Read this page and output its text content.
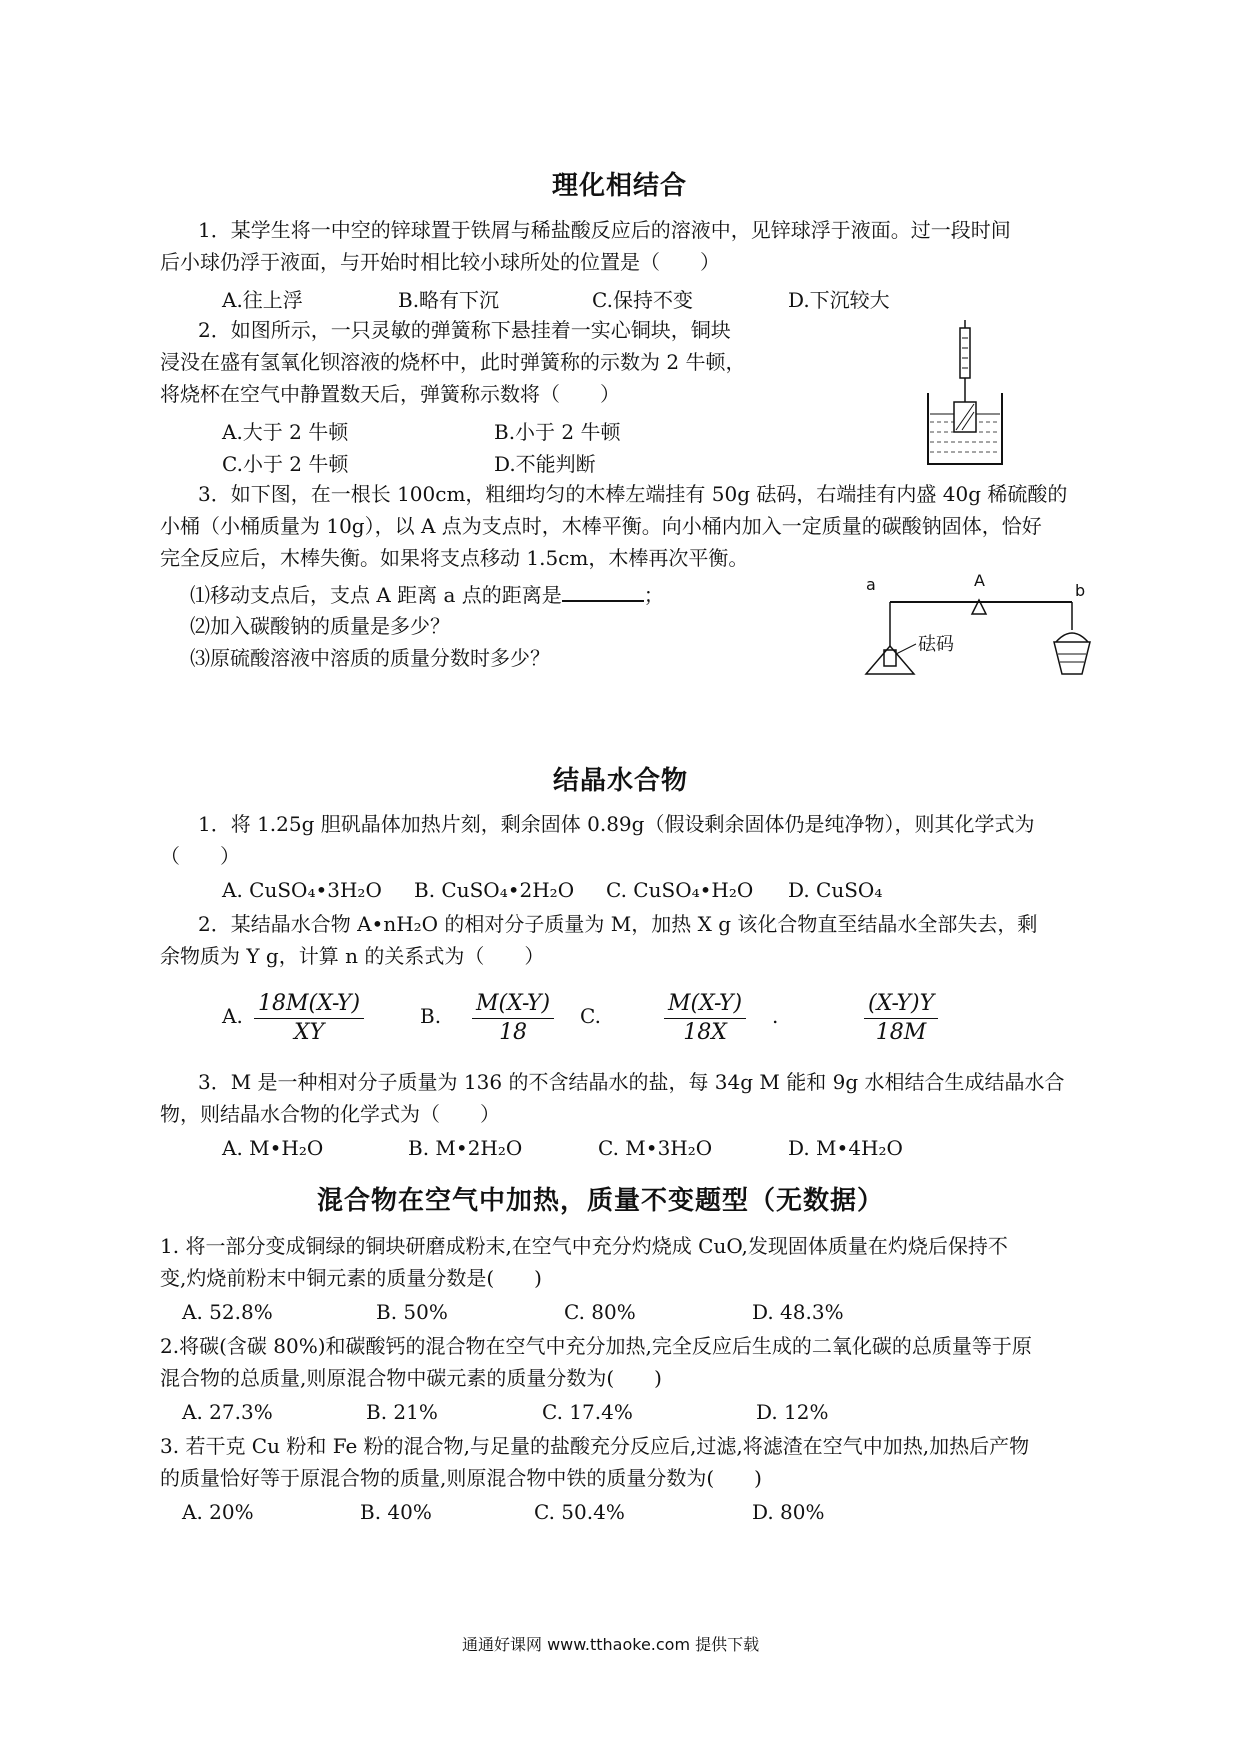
理化相结合
1．某学生将一中空的锌球置于铁屑与稀盐酸反应后的溶液中，见锌球浮于液面。过一段时间
后小球仍浮于液面，与开始时相比较小球所处的位置是（　　）
A.往上浮	B.略有下沉	C.保持不变	D.下沉较大
2．如图所示，一只灵敏的弹簧称下悬挂着一实心铜块，铜块
浸没在盛有氢氧化钡溶液的烧杯中，此时弹簧称的示数为 2 牛顿，
将烧杯在空气中静置数天后，弹簧称示数将（　　）
A.大于 2 牛顿	B.小于 2 牛顿
C.小于 2 牛顿	D.不能判断
3．如下图，在一根长 100cm，粗细均匀的木棒左端挂有 50g 砝码，右端挂有内盛 40g 稀硫酸的
小桶（小桶质量为 10g），以 A 点为支点时，木棒平衡。向小桶内加入一定质量的碳酸钠固体，恰好
完全反应后，木棒失衡。如果将支点移动 1.5cm，木棒再次平衡。
⑴移动支点后，支点 A 距离 a 点的距离是	；
⑵加入碳酸钠的质量是多少？
⑶原硫酸溶液中溶质的质量分数时多少？
a	A
b
砝码
结晶水合物
1．将 1.25g 胆矾晶体加热片刻，剩余固体 0.89g（假设剩余固体仍是纯净物），则其化学式为
（　　）
A. CuSO₄•3H₂O B. CuSO₄•2H₂O C. CuSO₄•H₂O D. CuSO₄
2．某结晶水合物 A•nH₂O 的相对分子质量为 M，加热 X g 该化合物直至结晶水全部失去，剩
余物质为 Y g，计算 n 的关系式为（　　）
A. $\frac{18M(X-Y)}{XY}$	B. $\frac{M(X-Y)}{18} C$.	$\frac{M(X-Y)}{18X}$ .	$\frac{(X-Y)Y}{18M}$
3．M 是一种相对分子质量为 136 的不含结晶水的盐，每 34g M 能和 9g 水相结合生成结晶水合
物，则结晶水合物的化学式为（　　）
A. M•H₂O	B. M•2H₂O	C. M•3H₂O	D. M•4H₂O
混合物在空气中加热，质量不变题型（无数据）
1. 将一部分变成铜绿的铜块研磨成粉末,在空气中充分灼烧成 CuO,发现固体质量在灼烧后保持不
变,灼烧前粉末中铜元素的质量分数是(　　)
A. 52.8%	B. 50%	C. 80%	D. 48.3%
2.将碳(含碳 80%)和碳酸钙的混合物在空气中充分加热,完全反应后生成的二氧化碳的总质量等于原
混合物的总质量,则原混合物中碳元素的质量分数为(　　)
A. 27.3%	B. 21%	C. 17.4%	D. 12%
3. 若干克 Cu 粉和 Fe 粉的混合物,与足量的盐酸充分反应后,过滤,将滤渣在空气中加热,加热后产物
的质量恰好等于原混合物的质量,则原混合物中铁的质量分数为(　　)
A. 20%	B. 40%	C. 50.4%	D. 80%
通通好课网 www.tthaoke.com 提供下载
